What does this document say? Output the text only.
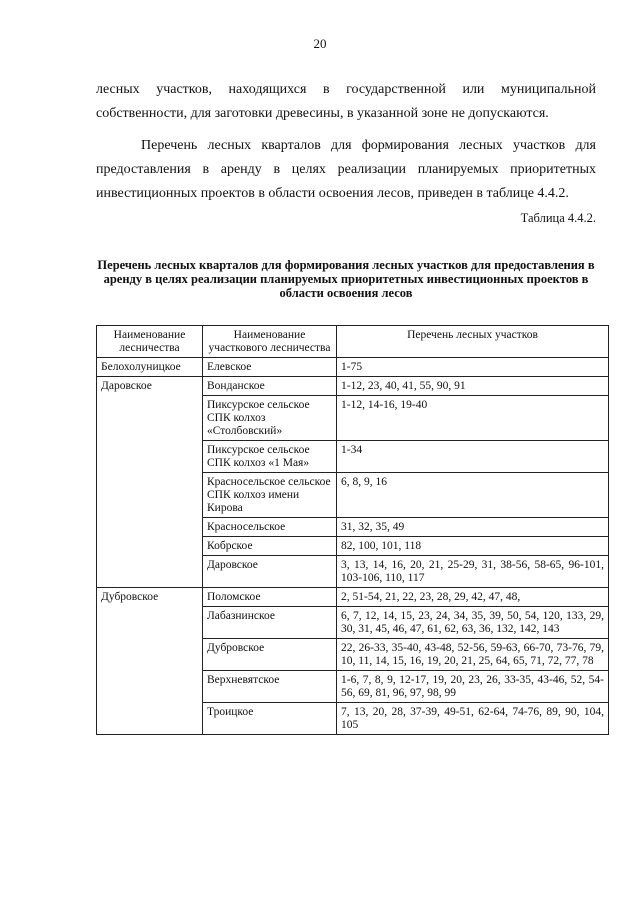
20

лесных участков, находящихся в государственной или муниципальной собственности, для заготовки древесины, в указанной зоне не допускаются.

Перечень лесных кварталов для формирования лесных участков для предоставления в аренду в целях реализации планируемых приоритетных инвестиционных проектов в области освоения лесов, приведен в таблице 4.4.2.

Таблица 4.4.2.
Перечень лесных кварталов для формирования лесных участков для предоставления в аренду в целях реализации планируемых приоритетных инвестиционных проектов в области освоения лесов
Наименование лесничества	Наименование участкового лесничества	Перечень лесных участков
Белохолуницкое	Елевское	1-75
Даровское	Вонданское	1-12, 23, 40, 41, 55, 90, 91
	Пиксурское сельское СПК колхоз «Столбовский»	1-12, 14-16, 19-40
	Пиксурское сельское СПК колхоз «1 Мая»	1-34
	Красносельское сельское СПК колхоз имени Кирова	6, 8, 9, 16
	Красносельское	31, 32, 35, 49
	Кобрское	82, 100, 101, 118
	Даровское	3, 13, 14, 16, 20, 21, 25-29, 31, 38-56, 58-65, 96-101, 103-106, 110, 117
Дубровское	Поломское	2, 51-54, 21, 22, 23, 28, 29, 42, 47, 48,
	Лабазнинское	6, 7, 12, 14, 15, 23, 24, 34, 35, 39, 50, 54, 120, 133, 29, 30, 31, 45, 46, 47, 61, 62, 63, 36, 132, 142, 143
	Дубровское	22, 26-33, 35-40, 43-48, 52-56, 59-63, 66-70, 73-76, 79, 10, 11, 14, 15, 16, 19, 20, 21, 25, 64, 65, 71, 72, 77, 78
	Верхневятское	1-6, 7, 8, 9, 12-17, 19, 20, 23, 26, 33-35, 43-46, 52, 54-56, 69, 81, 96, 97, 98, 99
	Троицкое	7, 13, 20, 28, 37-39, 49-51, 62-64, 74-76, 89, 90, 104, 105
